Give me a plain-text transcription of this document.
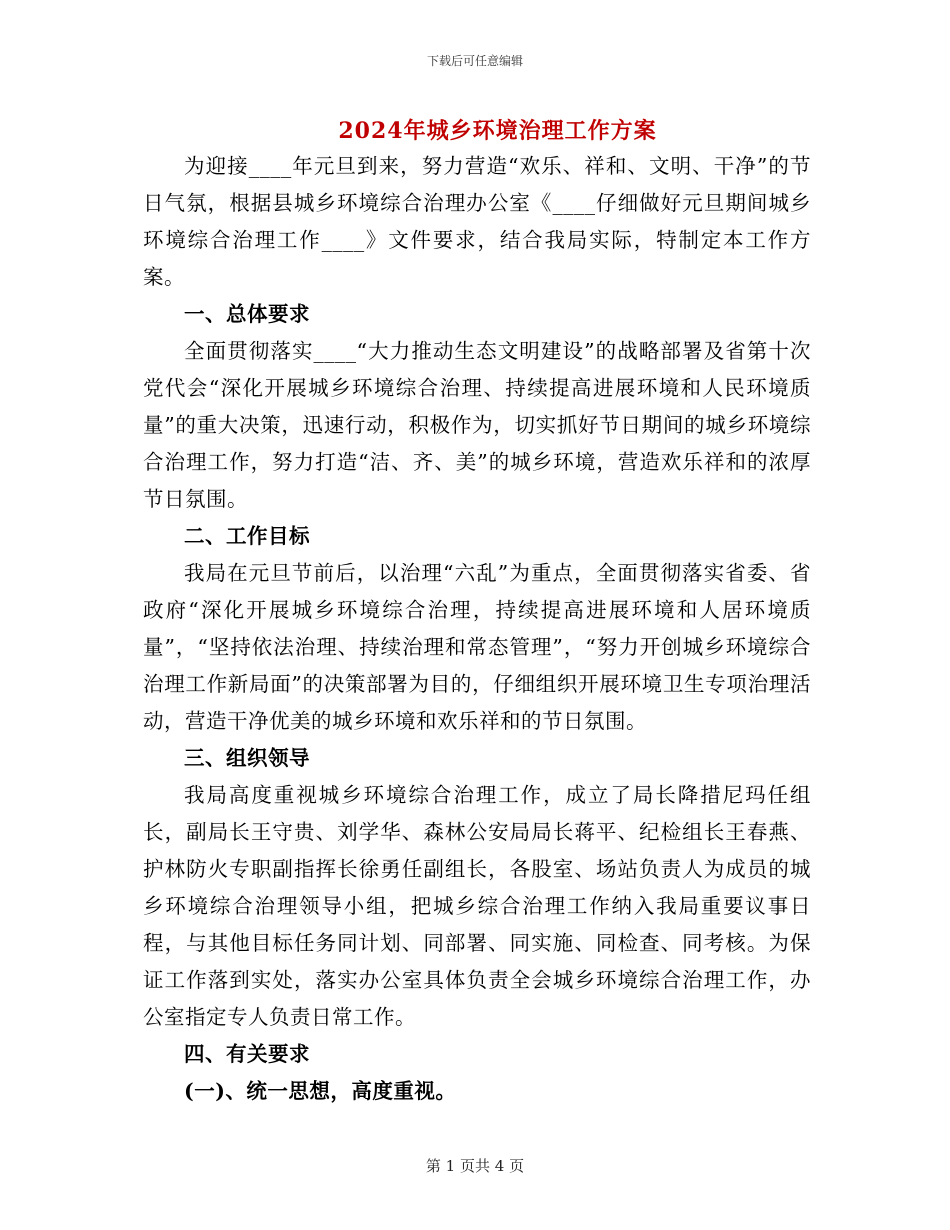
下载后可任意编辑
2024年城乡环境治理工作方案

为迎接____年元旦到来，努力营造“欢乐、祥和、文明、干净”的节日气氛，根据县城乡环境综合治理办公室《____仔细做好元旦期间城乡环境综合治理工作____》文件要求，结合我局实际，特制定本工作方案。

一、总体要求

全面贯彻落实____“大力推动生态文明建设”的战略部署及省第十次党代会“深化开展城乡环境综合治理、持续提高进展环境和人民环境质量”的重大决策，迅速行动，积极作为，切实抓好节日期间的城乡环境综合治理工作，努力打造“洁、齐、美”的城乡环境，营造欢乐祥和的浓厚节日氛围。

二、工作目标

我局在元旦节前后，以治理“六乱”为重点，全面贯彻落实省委、省政府“深化开展城乡环境综合治理，持续提高进展环境和人居环境质量”，“坚持依法治理、持续治理和常态管理”，“努力开创城乡环境综合治理工作新局面”的决策部署为目的，仔细组织开展环境卫生专项治理活动，营造干净优美的城乡环境和欢乐祥和的节日氛围。

三、组织领导

我局高度重视城乡环境综合治理工作，成立了局长降措尼玛任组长，副局长王守贵、刘学华、森林公安局局长蒋平、纪检组长王春燕、护林防火专职副指挥长徐勇任副组长，各股室、场站负责人为成员的城乡环境综合治理领导小组，把城乡综合治理工作纳入我局重要议事日程，与其他目标任务同计划、同部署、同实施、同检查、同考核。为保证工作落到实处，落实办公室具体负责全会城乡环境综合治理工作，办公室指定专人负责日常工作。

四、有关要求

(一)、统一思想，高度重视。

第 1 页共 4 页
